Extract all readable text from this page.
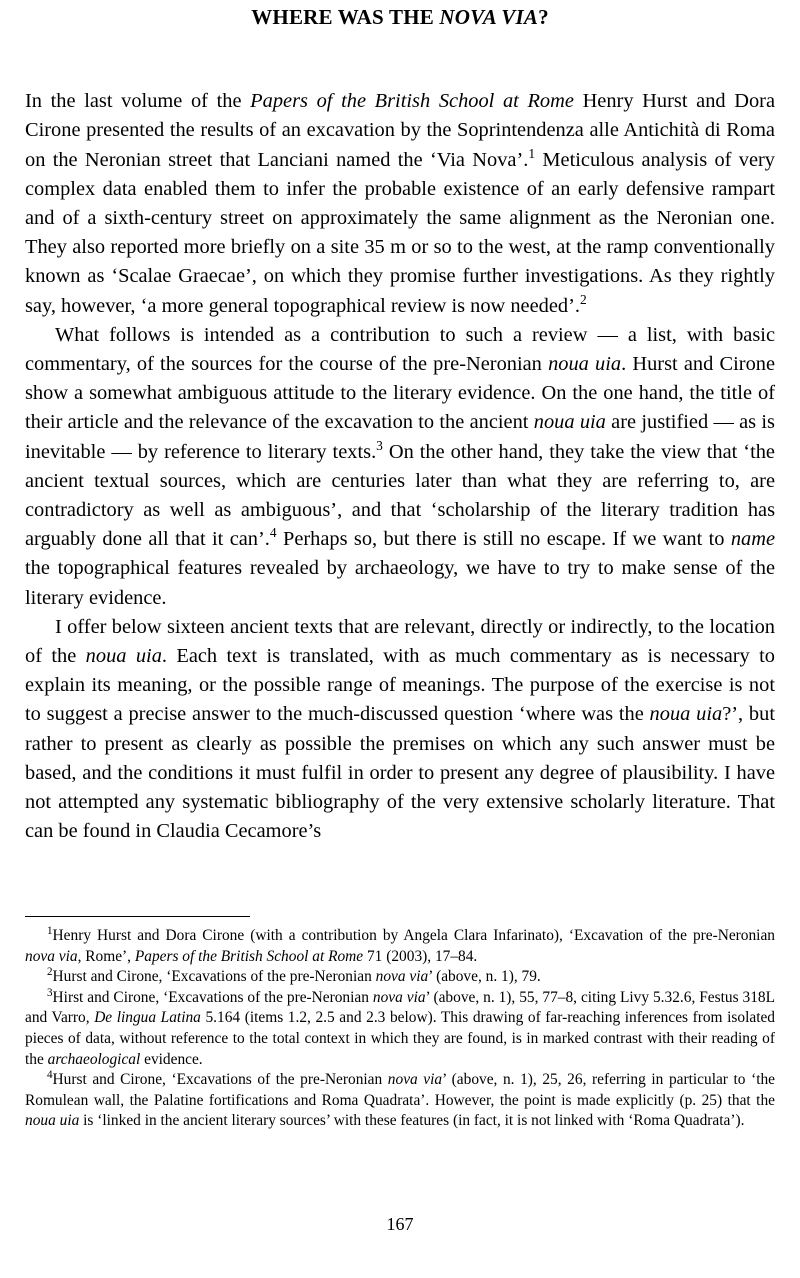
WHERE WAS THE NOVA VIA?

In the last volume of the Papers of the British School at Rome Henry Hurst and Dora Cirone presented the results of an excavation by the Soprintendenza alle Antichità di Roma on the Neronian street that Lanciani named the ‘Via Nova’.$^1$ Meticulous analysis of very complex data enabled them to infer the probable existence of an early defensive rampart and of a sixth-century street on approximately the same alignment as the Neronian one. They also reported more briefly on a site 35 m or so to the west, at the ramp conventionally known as ‘Scalae Graecae’, on which they promise further investigations. As they rightly say, however, ‘a more general topographical review is now needed’.$^2$

What follows is intended as a contribution to such a review — a list, with basic commentary, of the sources for the course of the pre-Neronian noua uia. Hurst and Cirone show a somewhat ambiguous attitude to the literary evidence. On the one hand, the title of their article and the relevance of the excavation to the ancient noua uia are justified — as is inevitable — by reference to literary texts.$^3$ On the other hand, they take the view that ‘the ancient textual sources, which are centuries later than what they are referring to, are contradictory as well as ambiguous’, and that ‘scholarship of the literary tradition has arguably done all that it can’.$^4$ Perhaps so, but there is still no escape. If we want to name the topographical features revealed by archaeology, we have to try to make sense of the literary evidence.

I offer below sixteen ancient texts that are relevant, directly or indirectly, to the location of the noua uia. Each text is translated, with as much commentary as is necessary to explain its meaning, or the possible range of meanings. The purpose of the exercise is not to suggest a precise answer to the much-discussed question ‘where was the noua uia?’, but rather to present as clearly as possible the premises on which any such answer must be based, and the conditions it must fulfil in order to present any degree of plausibility. I have not attempted any systematic bibliography of the very extensive scholarly literature. That can be found in Claudia Cecamore’s

$^1$Henry Hurst and Dora Cirone (with a contribution by Angela Clara Infarinato), ‘Excavation of the pre-Neronian nova via, Rome’, Papers of the British School at Rome 71 (2003), 17–84.

$^2$Hurst and Cirone, ‘Excavations of the pre-Neronian nova via’ (above, n. 1), 79.

$^3$Hirst and Cirone, ‘Excavations of the pre-Neronian nova via’ (above, n. 1), 55, 77–8, citing Livy 5.32.6, Festus 318L and Varro, De lingua Latina 5.164 (items 1.2, 2.5 and 2.3 below). This drawing of far-reaching inferences from isolated pieces of data, without reference to the total context in which they are found, is in marked contrast with their reading of the archaeological evidence.

$^4$Hurst and Cirone, ‘Excavations of the pre-Neronian nova via’ (above, n. 1), 25, 26, referring in particular to ‘the Romulean wall, the Palatine fortifications and Roma Quadrata’. However, the point is made explicitly (p. 25) that the noua uia is ‘linked in the ancient literary sources’ with these features (in fact, it is not linked with ‘Roma Quadrata’).

167
